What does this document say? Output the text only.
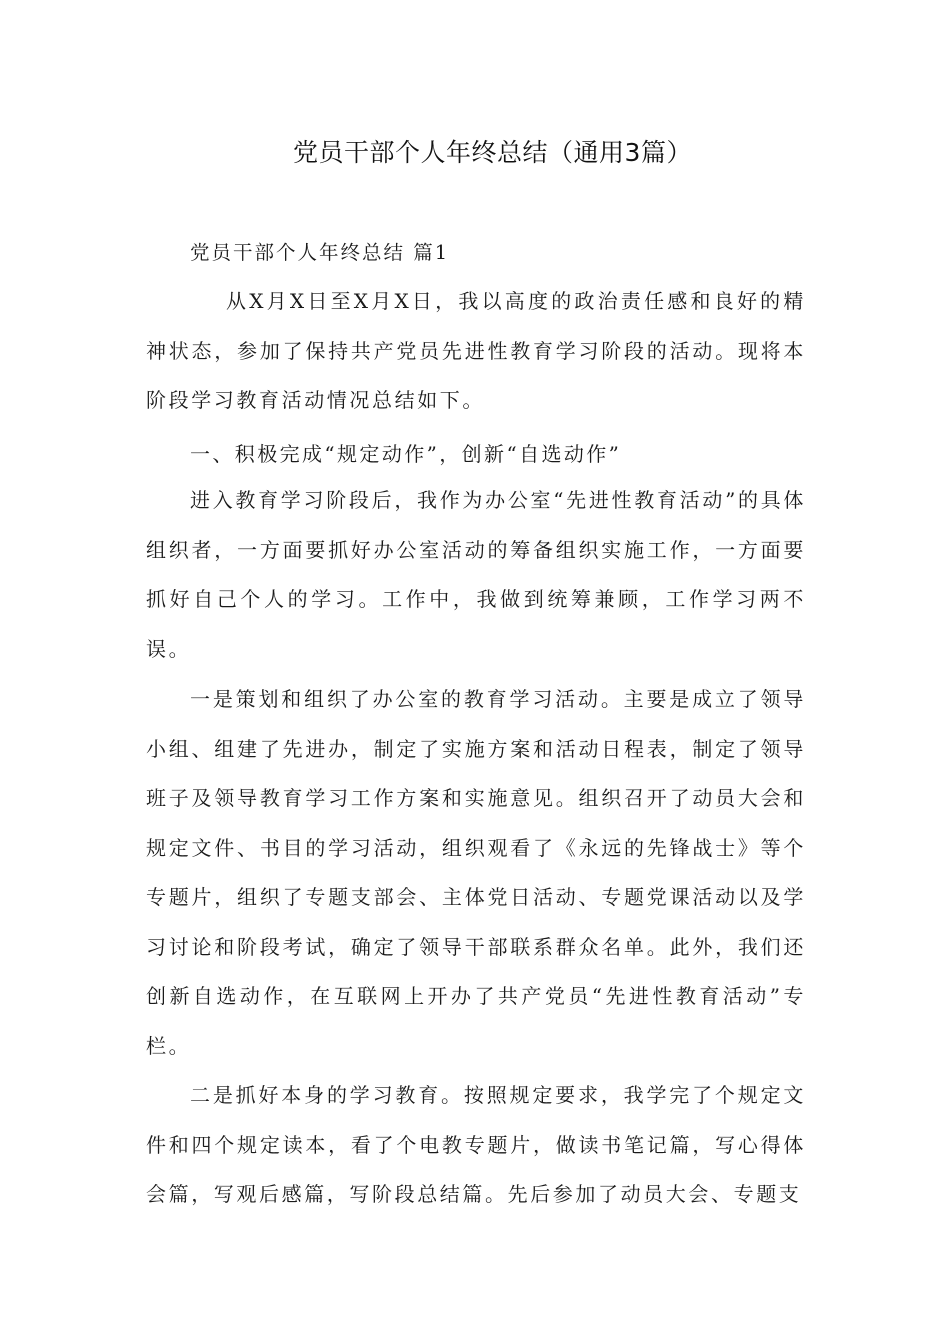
党员干部个人年终总结（通用3篇）
党员干部个人年终总结 篇1

从X月X日至X月X日，我以高度的政治责任感和良好的精神状态，参加了保持共产党员先进性教育学习阶段的活动。现将本阶段学习教育活动情况总结如下。

一、积极完成“规定动作”，创新“自选动作”

进入教育学习阶段后，我作为办公室“先进性教育活动”的具体组织者，一方面要抓好办公室活动的筹备组织实施工作，一方面要抓好自己个人的学习。工作中，我做到统筹兼顾，工作学习两不误。

一是策划和组织了办公室的教育学习活动。主要是成立了领导小组、组建了先进办，制定了实施方案和活动日程表，制定了领导班子及领导教育学习工作方案和实施意见。组织召开了动员大会和规定文件、书目的学习活动，组织观看了《永远的先锋战士》等个专题片，组织了专题支部会、主体党日活动、专题党课活动以及学习讨论和阶段考试，确定了领导干部联系群众名单。此外，我们还创新自选动作，在互联网上开办了共产党员“先进性教育活动”专栏。

二是抓好本身的学习教育。按照规定要求，我学完了个规定文件和四个规定读本，看了个电教专题片，做读书笔记篇，写心得体会篇，写观后感篇，写阶段总结篇。先后参加了动员大会、专题支
